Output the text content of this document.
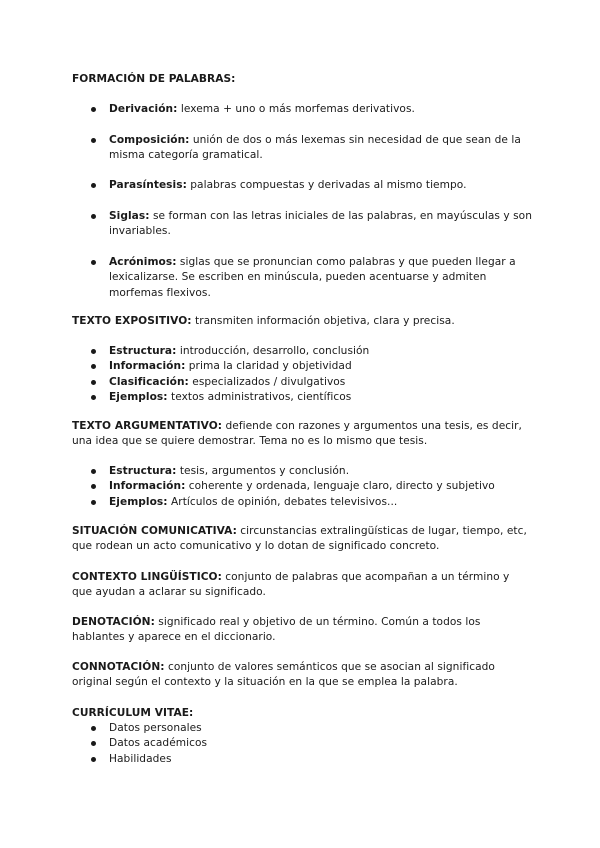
FORMACIÓN DE PALABRAS:

Derivación: lexema + uno o más morfemas derivativos.
Composición: unión de dos o más lexemas sin necesidad de que sean de la misma categoría gramatical.
Parasíntesis: palabras compuestas y derivadas al mismo tiempo.
Siglas: se forman con las letras iniciales de las palabras, en mayúsculas y son invariables.
Acrónimos: siglas que se pronuncian como palabras y que pueden llegar a lexicalizarse. Se escriben en minúscula, pueden acentuarse y admiten morfemas flexivos.

TEXTO EXPOSITIVO: transmiten información objetiva, clara y precisa.

Estructura: introducción, desarrollo, conclusión
Información: prima la claridad y objetividad
Clasificación: especializados / divulgativos
Ejemplos: textos administrativos, científicos

TEXTO ARGUMENTATIVO: defiende con razones y argumentos una tesis, es decir, una idea que se quiere demostrar. Tema no es lo mismo que tesis.

Estructura: tesis, argumentos y conclusión.
Información: coherente y ordenada, lenguaje claro, directo y subjetivo
Ejemplos: Artículos de opinión, debates televisivos...

SITUACIÓN COMUNICATIVA: circunstancias extralingüísticas de lugar, tiempo, etc, que rodean un acto comunicativo y lo dotan de significado concreto.

CONTEXTO LINGÜÍSTICO: conjunto de palabras que acompañan a un término y que ayudan a aclarar su significado.

DENOTACIÓN: significado real y objetivo de un término. Común a todos los hablantes y aparece en el diccionario.

CONNOTACIÓN: conjunto de valores semánticos que se asocian al significado original según el contexto y la situación en la que se emplea la palabra.

CURRÍCULUM VITAE:

Datos personales
Datos académicos
Habilidades
